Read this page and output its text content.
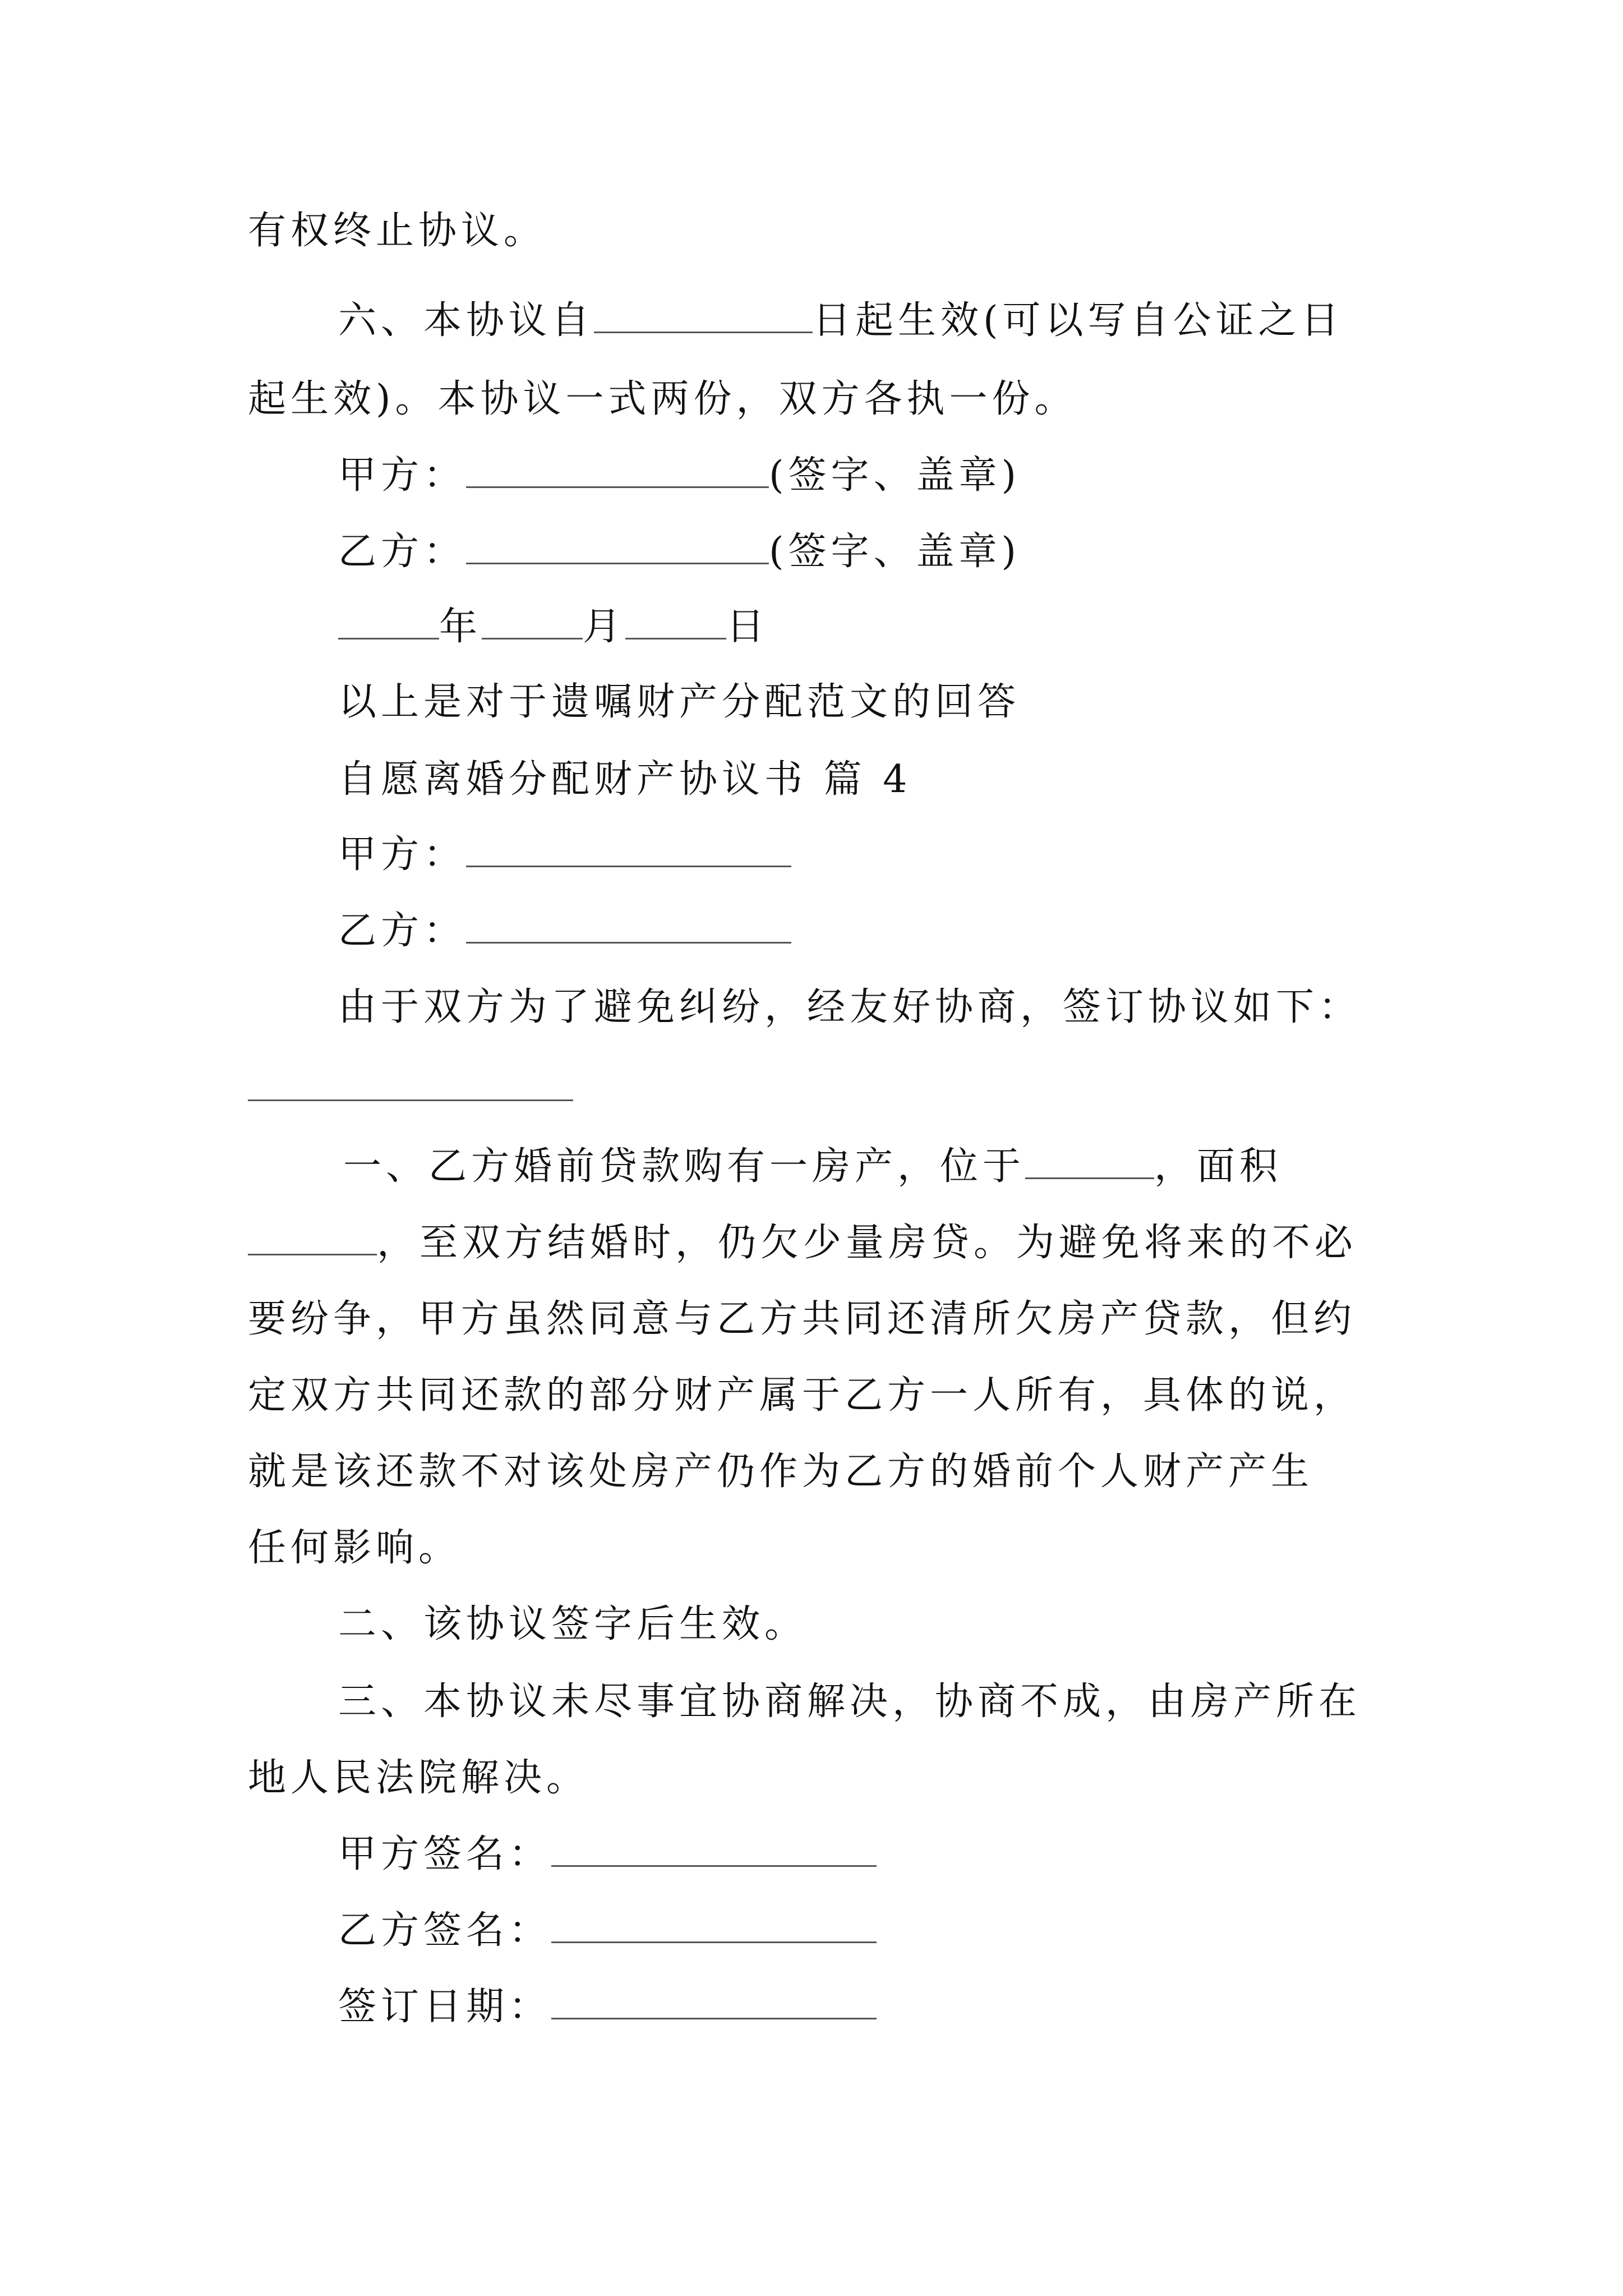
有权终止协议。
六、本协议自	日起生效(可以写自公证之日
起生效)。本协议一式两份，双方各执一份。
甲方：	(签字、盖章)
乙方：	(签字、盖章)
年	月	日
以上是对于遗嘱财产分配范文的回答
自愿离婚分配财产协议书 篇 4
甲方：
乙方：
由于双方为了避免纠纷，经友好协商，签订协议如下：
一、乙方婚前贷款购有一房产，位于	，面积
，至双方结婚时，仍欠少量房贷。为避免将来的不必
要纷争，甲方虽然同意与乙方共同还清所欠房产贷款，但约
定双方共同还款的部分财产属于乙方一人所有，具体的说，
就是该还款不对该处房产仍作为乙方的婚前个人财产产生
任何影响。
二、该协议签字后生效。
三、本协议未尽事宜协商解决，协商不成，由房产所在
地人民法院解决。
甲方签名：
乙方签名：
签订日期：
